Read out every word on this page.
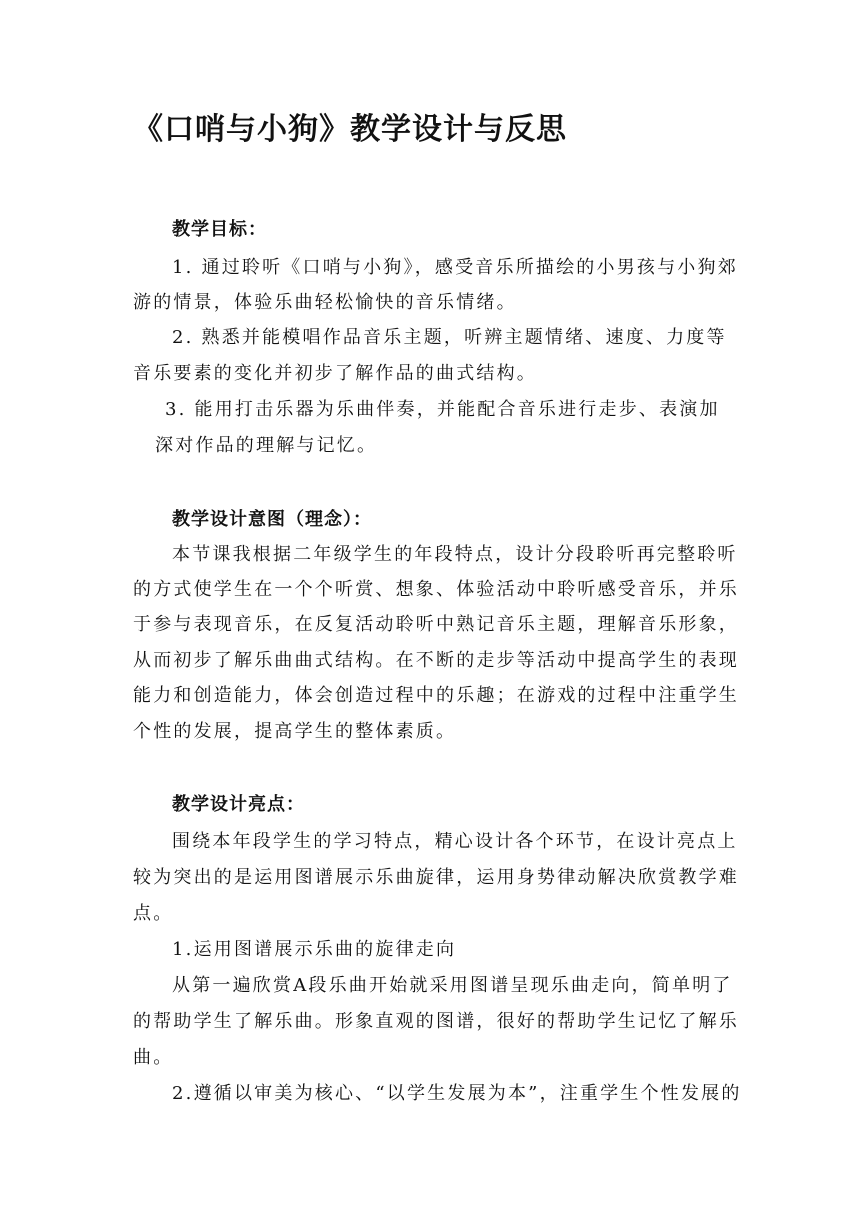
《口哨与小狗》教学设计与反思
教学目标：
1. 通过聆听《口哨与小狗》，感受音乐所描绘的小男孩与小狗郊
游的情景，体验乐曲轻松愉快的音乐情绪。
2. 熟悉并能模唱作品音乐主题，听辨主题情绪、速度、力度等
音乐要素的变化并初步了解作品的曲式结构。
3. 能用打击乐器为乐曲伴奏，并能配合音乐进行走步、表演加
深对作品的理解与记忆。
教学设计意图（理念）：
本节课我根据二年级学生的年段特点，设计分段聆听再完整聆听
的方式使学生在一个个听赏、想象、体验活动中聆听感受音乐，并乐
于参与表现音乐，在反复活动聆听中熟记音乐主题，理解音乐形象，
从而初步了解乐曲曲式结构。在不断的走步等活动中提高学生的表现
能力和创造能力，体会创造过程中的乐趣；在游戏的过程中注重学生
个性的发展，提高学生的整体素质。
教学设计亮点：
围绕本年段学生的学习特点，精心设计各个环节，在设计亮点上
较为突出的是运用图谱展示乐曲旋律，运用身势律动解决欣赏教学难
点。
1.运用图谱展示乐曲的旋律走向
从第一遍欣赏A段乐曲开始就采用图谱呈现乐曲走向，简单明了
的帮助学生了解乐曲。形象直观的图谱，很好的帮助学生记忆了解乐
曲。
2.遵循以审美为核心、“以学生发展为本”，注重学生个性发展的
